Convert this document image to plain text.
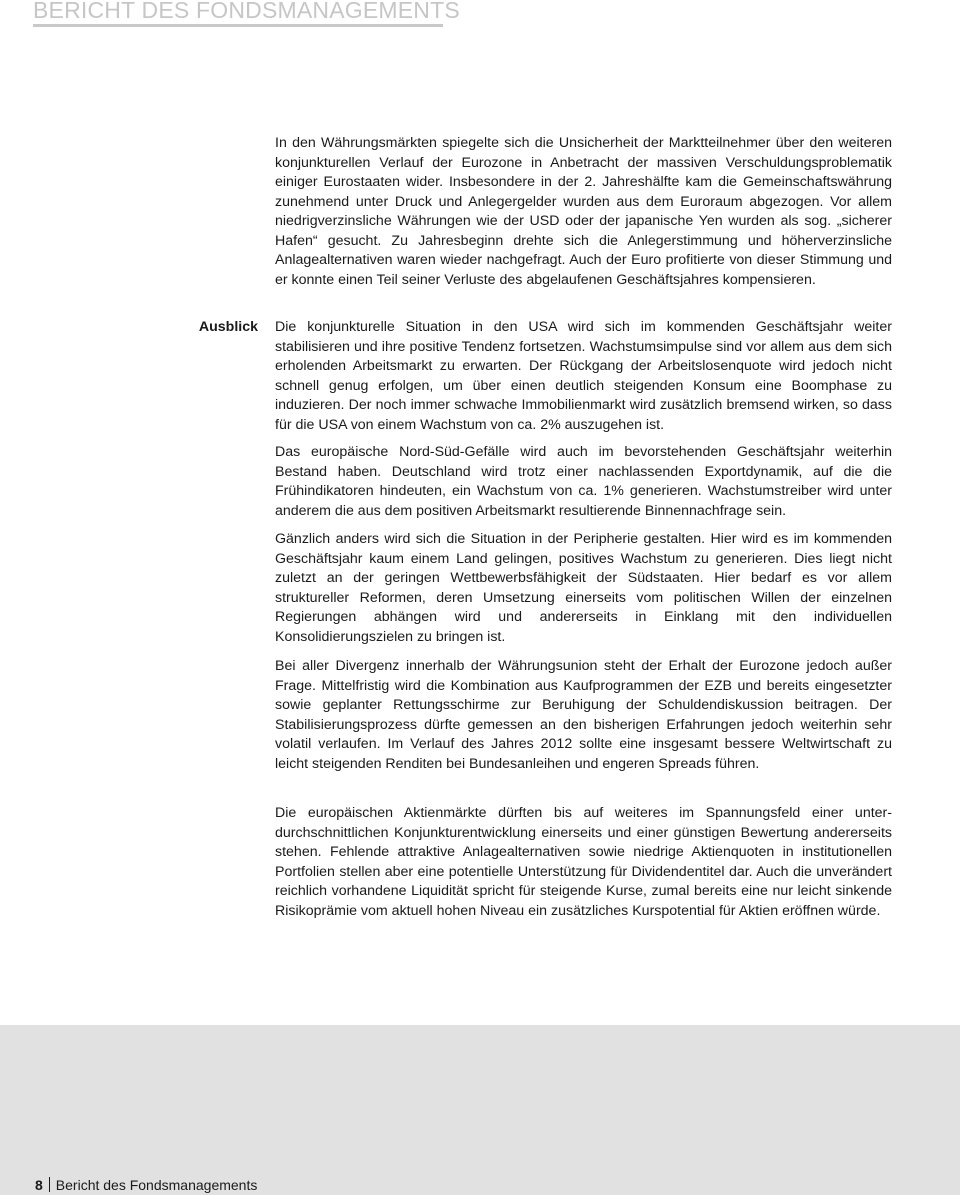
BERICHT DES FONDSMANAGEMENTS

In den Währungsmärkten spiegelte sich die Unsicherheit der Marktteilnehmer über den weiteren konjunkturellen Verlauf der Eurozone in Anbetracht der massiven Verschuldungsproblematik einiger Eurostaaten wider. Insbesondere in der 2. Jahreshälfte kam die Gemeinschaftswährung zunehmend unter Druck und Anlegergelder wurden aus dem Euroraum abgezogen. Vor allem niedrigverzinsliche Währungen wie der USD oder der japanische Yen wurden als sog. „sicherer Hafen“ gesucht. Zu Jahresbeginn drehte sich die Anlegerstimmung und höherverzinsliche Anlagealternativen waren wieder nachgefragt. Auch der Euro profitierte von dieser Stimmung und er konnte einen Teil seiner Verluste des abgelaufenen Geschäftsjahres kompensieren.

Ausblick Die konjunkturelle Situation in den USA wird sich im kommenden Geschäftsjahr weiter stabilisieren und ihre positive Tendenz fortsetzen. Wachstumsimpulse sind vor allem aus dem sich erholenden Arbeitsmarkt zu erwarten. Der Rückgang der Arbeitslosenquote wird jedoch nicht schnell genug erfolgen, um über einen deutlich steigenden Konsum eine Boomphase zu induzieren. Der noch immer schwache Immobilienmarkt wird zusätzlich bremsend wirken, so dass für die USA von einem Wachstum von ca. 2% auszugehen ist.

Das europäische Nord-Süd-Gefälle wird auch im bevorstehenden Geschäftsjahr weiterhin Bestand haben. Deutschland wird trotz einer nachlassenden Exportdynamik, auf die die Frühindikatoren hindeuten, ein Wachstum von ca. 1% generieren. Wachstumstreiber wird unter anderem die aus dem positiven Arbeitsmarkt resultierende Binnennachfrage sein.

Gänzlich anders wird sich die Situation in der Peripherie gestalten. Hier wird es im kommenden Geschäftsjahr kaum einem Land gelingen, positives Wachstum zu generieren. Dies liegt nicht zuletzt an der geringen Wettbewerbsfähigkeit der Südstaaten. Hier bedarf es vor allem struktureller Reformen, deren Umsetzung einerseits vom politischen Willen der einzelnen Regierungen abhängen wird und andererseits in Einklang mit den individuellen Konsolidierungszielen zu bringen ist.

Bei aller Divergenz innerhalb der Währungsunion steht der Erhalt der Eurozone jedoch außer Frage. Mittelfristig wird die Kombination aus Kaufprogrammen der EZB und bereits eingesetzter sowie geplanter Rettungsschirme zur Beruhigung der Schuldendiskussion beitragen. Der Stabilisierungsprozess dürfte gemessen an den bisherigen Erfahrungen jedoch weiterhin sehr volatil verlaufen. Im Verlauf des Jahres 2012 sollte eine insgesamt bessere Weltwirtschaft zu leicht steigenden Renditen bei Bundesanleihen und engeren Spreads führen.

Die europäischen Aktienmärkte dürften bis auf weiteres im Spannungsfeld einer unterdurchschnittlichen Konjunkturentwicklung einerseits und einer günstigen Bewertung andererseits stehen. Fehlende attraktive Anlagealternativen sowie niedrige Aktienquoten in institutionellen Portfolien stellen aber eine potentielle Unterstützung für Dividendentitel dar. Auch die unverändert reichlich vorhandene Liquidität spricht für steigende Kurse, zumal bereits eine nur leicht sinkende Risikoprämie vom aktuell hohen Niveau ein zusätzliches Kurspotential für Aktien eröffnen würde.

8 Bericht des Fondsmanagements
